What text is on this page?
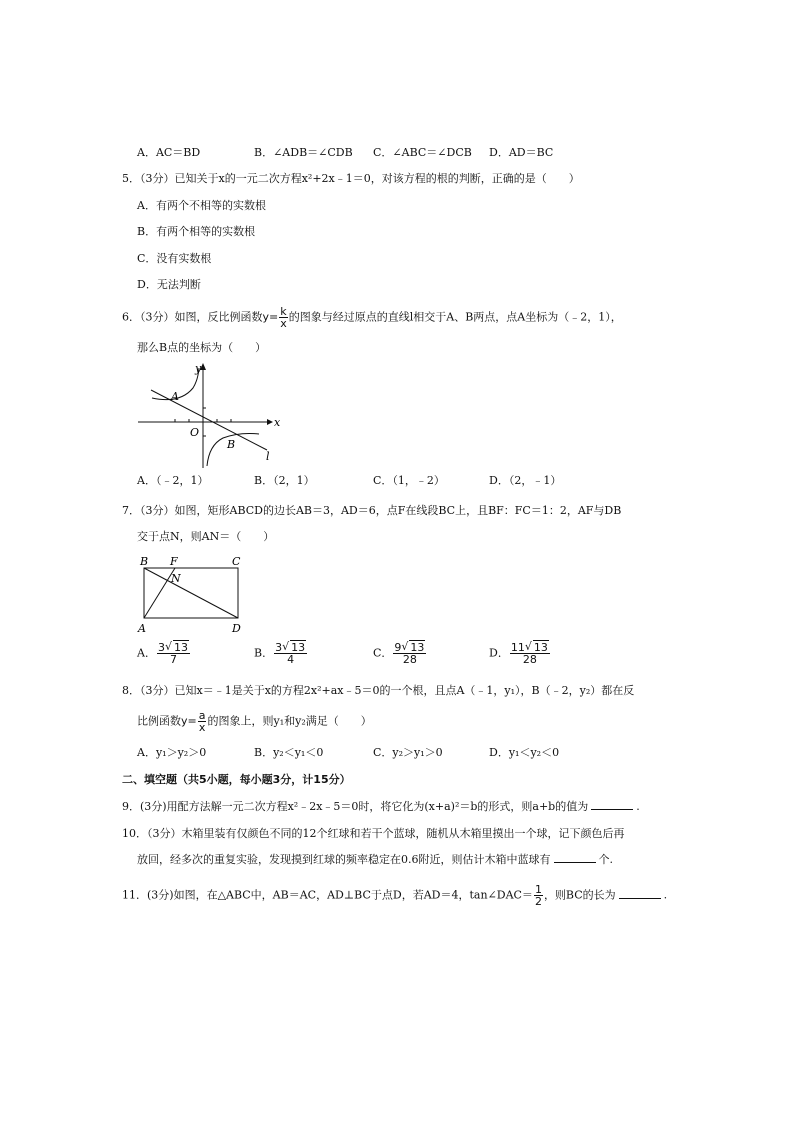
A．AC＝BD	B．∠ADB＝∠CDB C．∠ABC＝∠DCB D．AD＝BC
5．（3分）已知关于x的一元二次方程x²+2x﹣1＝0，对该方程的根的判断，正确的是（　　）
A．有两个不相等的实数根
B．有两个相等的实数根
C．没有实数根
D．无法判断
6．（3分）如图，反比例函数$y= \frac{k}{x}$ 的图象与经过原点的直线l相交于A、B两点，点A坐标为（﹣2，1），
那么B点的坐标为（　　）
y
x
O
A
B
l
A．（﹣2，1）	B．（2，1）	C．（1，﹣2）	D．（2，﹣1）
7．（3分）如图，矩形ABCD的边长AB＝3，AD＝6，点F在线段BC上，且BF：FC＝1：2，AF与DB
交于点N，则AN＝（　　）
B F	C
N
A	D
A． $\frac{3 √ 13}{7}$	B． $\frac{3 √ 13}{4}$	C． $\frac{9 √ 13}{28}$	D． $\frac{11 √ 13}{28}$
8．（3分）已知x＝﹣1是关于x的方程2x²+ax﹣5＝0的一个根，且点A（﹣1，y₁），B（﹣2，y₂）都在反
比例函数$y= \frac{a}{x}$ 的图象上，则y₁和y₂满足（　　）
A．y₁＞y₂＞0	B．y₂＜y₁＜0	C．y₂＞y₁＞0	D．y₁＜y₂＜0
二、填空题（共5小题，每小题3分，计15分）
9．(3分)用配方法解一元二次方程x²﹣2x﹣5＝0时，将它化为(x+a)²＝b的形式，则a+b的值为	.
10．（3分）木箱里装有仅颜色不同的12个红球和若干个蓝球，随机从木箱里摸出一个球，记下颜色后再
放回，经多次的重复实验，发现摸到红球的频率稳定在0.6附近，则估计木箱中蓝球有	个.
11．(3分)如图，在△ABC中，AB＝AC，AD⊥BC于点D，若AD＝4，tan∠DAC＝ $\frac{1}{2}$ ，则BC的长为	.
